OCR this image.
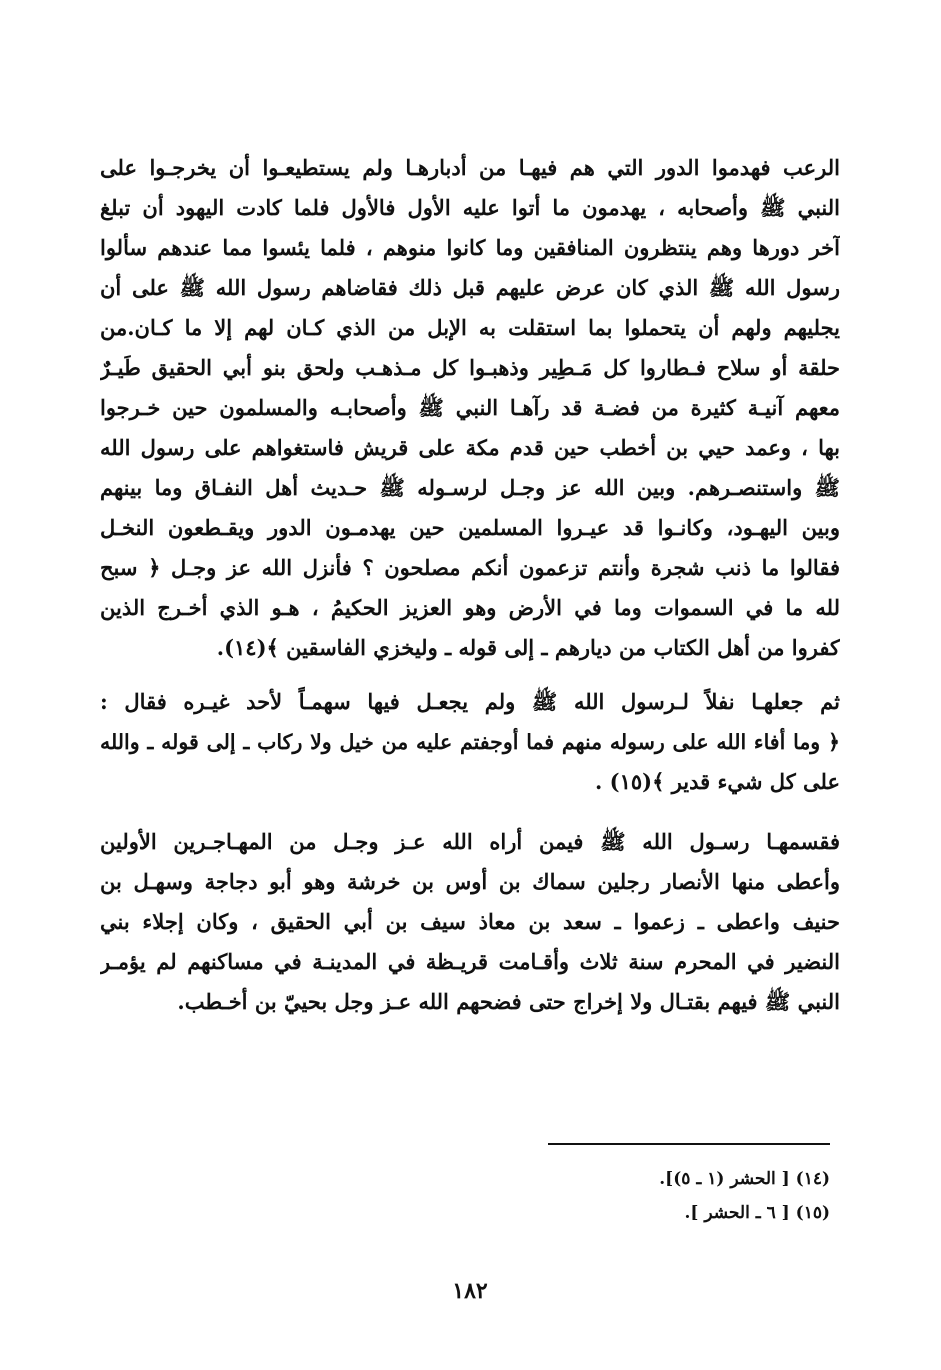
الرعب فهدموا الدور التي هم فيهـا من أدبارهـا ولم يستطيعـوا أن يخرجـوا على
النبي ﷺ وأصحابه ، يهدمون ما أتوا عليه الأول فالأول فلما كادت اليهود أن تبلغ
آخر دورها وهم ينتظرون المنافقين وما كانوا منوهم ، فلما يئسوا مما عندهم سألوا
رسول الله ﷺ الذي كان عرض عليهم قبل ذلك فقاضاهم رسول الله ﷺ على أن
يجليهم ولهم أن يتحملوا بما استقلت به الإبل من الذي كـان لهم إلا ما كـان.من
حلقة أو سلاح فـطاروا كل مَـطِير وذهبـوا كل مـذهـب ولحق بنو أبي الحقيق طَيـرٌ
معهم آنيـة كثيرة من فضـة قد رآهـا النبي ﷺ وأصحابـه والمسلمون حين خـرجوا
بها ، وعمد حيي بن أخطب حين قدم مكة على قريش فاستغواهم على رسول الله
ﷺ واستنصـرهم. وبين الله عز وجـل لرسـوله ﷺ حـديث أهل النفـاق وما بينهم
وبين اليهـود، وكانـوا قد عيـروا المسلمين حين يهدمـون الدور ويقـطعون النخـل
فقالوا ما ذنب شجرة وأنتم تزعمون أنكم مصلحون ؟ فأنزل الله عز وجـل ﴿ سبح
لله ما في السموات وما في الأرض وهو العزيز الحكيمُ ، هـو الذي أخـرج الذين
كفروا من أهل الكتاب من ديارهم ـ إلى قوله ـ وليخزي الفاسقين ﴾(١٤).
ثم جعلهـا نفلاً لـرسول الله ﷺ ولم يجعـل فيها سهمـاً لأحد غيـره فقال :
﴿ وما أفاء الله على رسوله منهم فما أوجفتم عليه من خيل ولا ركاب ـ إلى قوله ـ والله
على كل شيء قدير ﴾(١٥) .
فقسمهـا رسـول الله ﷺ فيمن أراه الله عـز وجـل من المهـاجـرين الأولين
وأعطى منها الأنصار رجلين سماك بن أوس بن خرشة وهو أبو دجاجة وسهـل بن
حنيف واعطى ـ زعموا ـ سعد بن معاذ سيف بن أبي الحقيق ، وكان إجلاء بني
النضير في المحرم سنة ثلاث وأقـامت قريـظة في المدينـة في مساكنهم لم يؤمـر
النبي ﷺ فيهم بقتـال ولا إخراج حتى فضحهم الله عـز وجل بحييّ بن أخـطب.
(١٤) [ الحشر (١ ـ ٥)].
(١٥) [ ٦ ـ الحشر ].
١٨٢
